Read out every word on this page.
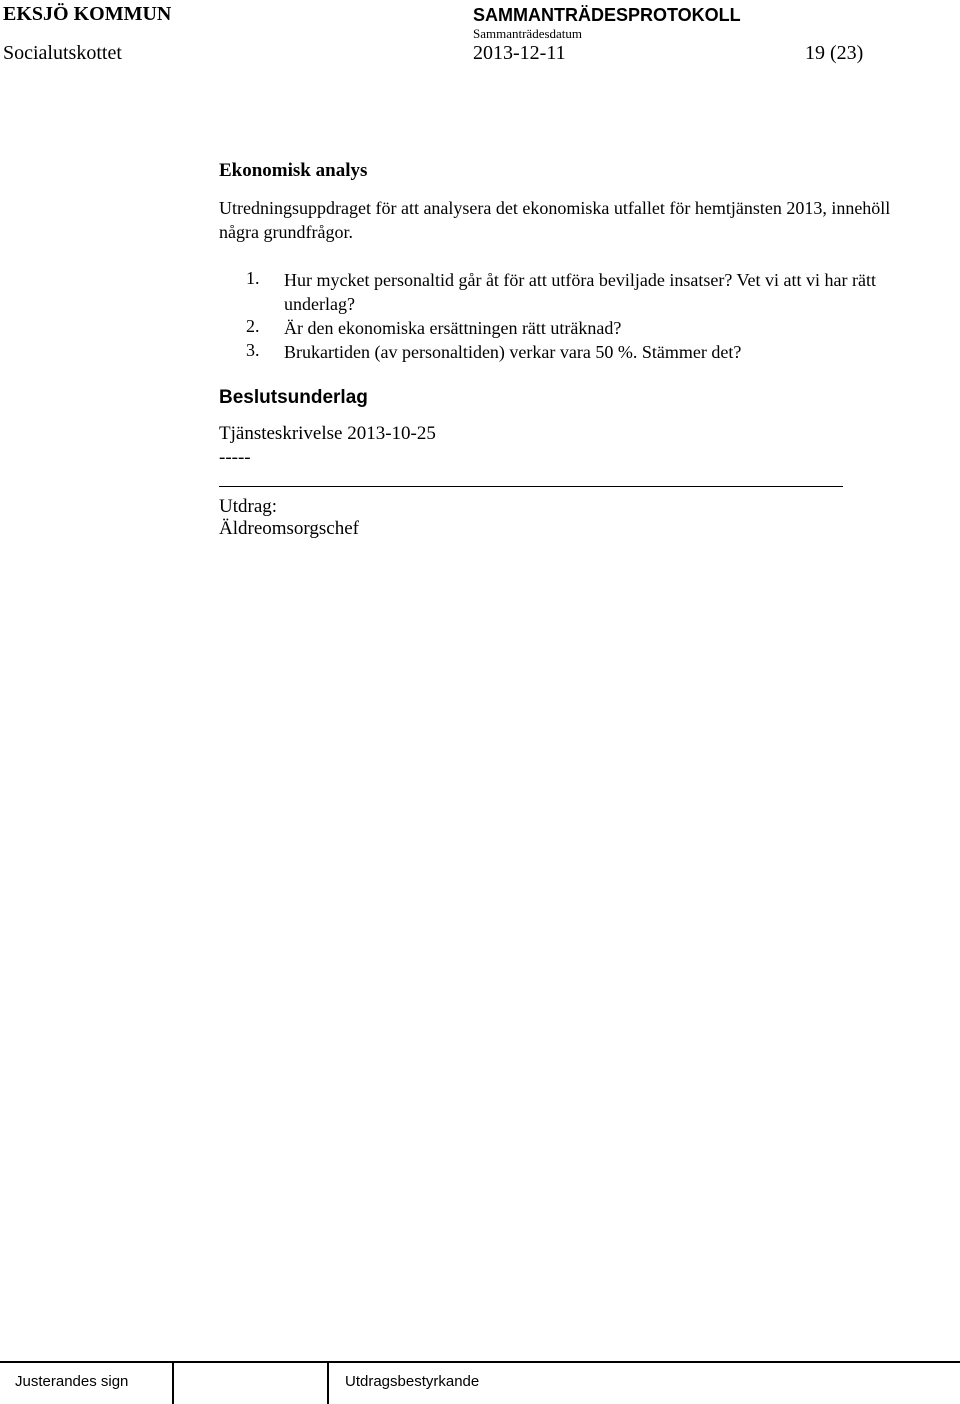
EKSJÖ KOMMUN	SAMMANTRÄDESPROTOKOLL
Sammanträdesdatum
Socialutskottet	2013-12-11	19 (23)
Ekonomisk analys
Utredningsuppdraget för att analysera det ekonomiska utfallet för hemtjänsten 2013, innehöll några grundfrågor.
1. Hur mycket personaltid går åt för att utföra beviljade insatser? Vet vi att vi har rätt underlag?
2. Är den ekonomiska ersättningen rätt uträknad?
3. Brukartiden (av personaltiden) verkar vara 50 %. Stämmer det?
Beslutsunderlag
Tjänsteskrivelse 2013-10-25
-----
Utdrag:
Äldreomsorgschef
Justerandes sign	Utdragsbestyrkande
